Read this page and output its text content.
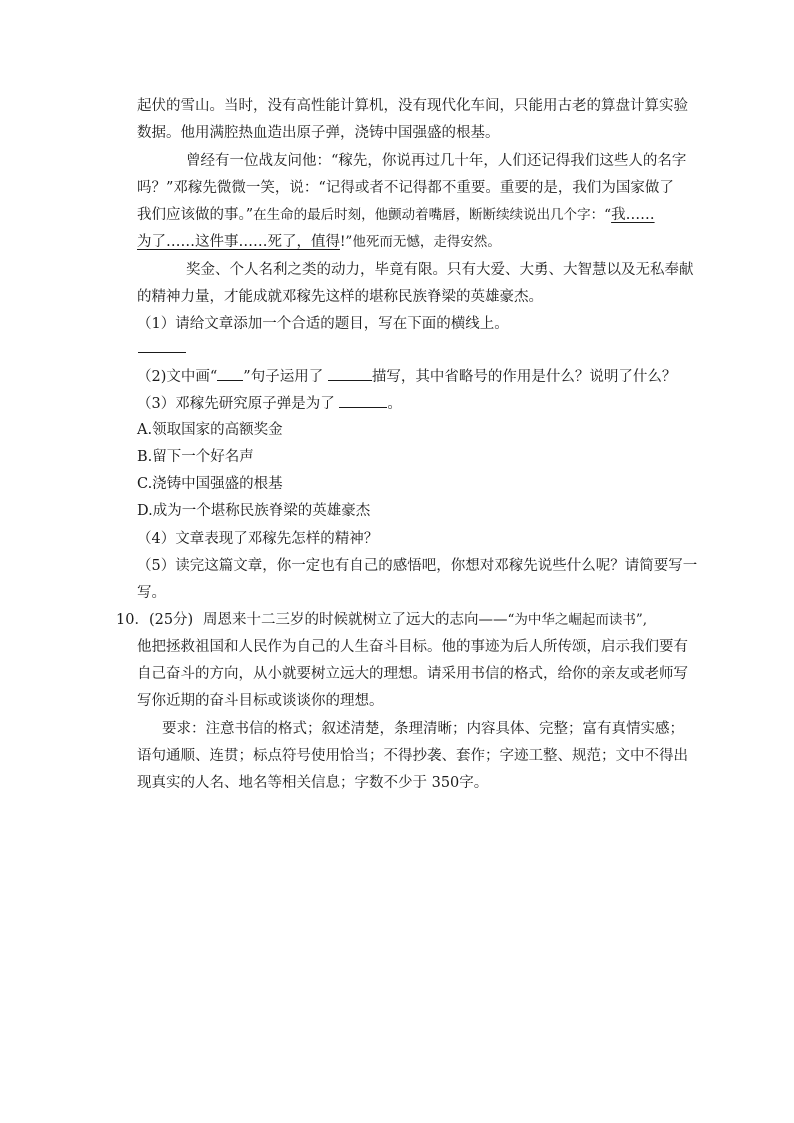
起伏的雪山。当时，没有高性能计算机，没有现代化车间，只能用古老的算盘计算实验
数据。他用满腔热血造出原子弹，浇铸中国强盛的根基。
曾经有一位战友问他：“稼先，你说再过几十年，人们还记得我们这些人的名字
吗？”邓稼先微微一笑，说：“记得或者不记得都不重要。重要的是，我们为国家做了
我们应该做的事。”在生命的最后时刻，他颤动着嘴唇，断断续续说出几个字：“我……
为了……这件事……死了，值得!”他死而无憾，走得安然。
奖金、个人名利之类的动力，毕竟有限。只有大爱、大勇、大智慧以及无私奉献
的精神力量，才能成就邓稼先这样的堪称民族脊梁的英雄豪杰。
（1）请给文章添加一个合适的题目，写在下面的横线上。
（2)文中画“ ”句子运用了	描写，其中省略号的作用是什么？说明了什么？
（3）邓稼先研究原子弹是为了	。
A.领取国家的高额奖金
B.留下一个好名声
C.浇铸中国强盛的根基
D.成为一个堪称民族脊梁的英雄豪杰
（4）文章表现了邓稼先怎样的精神？
（5）读完这篇文章，你一定也有自己的感悟吧，你想对邓稼先说些什么呢？请简要写一
写。
10．(25分) 周恩来十二三岁的时候就树立了远大的志向——“为中华之崛起而读书”,
他把拯救祖国和人民作为自己的人生奋斗目标。他的事迹为后人所传颂，启示我们要有
自己奋斗的方向，从小就要树立远大的理想。请采用书信的格式，给你的亲友或老师写
写你近期的奋斗目标或谈谈你的理想。
要求：注意书信的格式；叙述清楚，条理清晰；内容具体、完整；富有真情实感；
语句通顺、连贯；标点符号使用恰当；不得抄袭、套作；字迹工整、规范；文中不得出
现真实的人名、地名等相关信息；字数不少于 350字。
